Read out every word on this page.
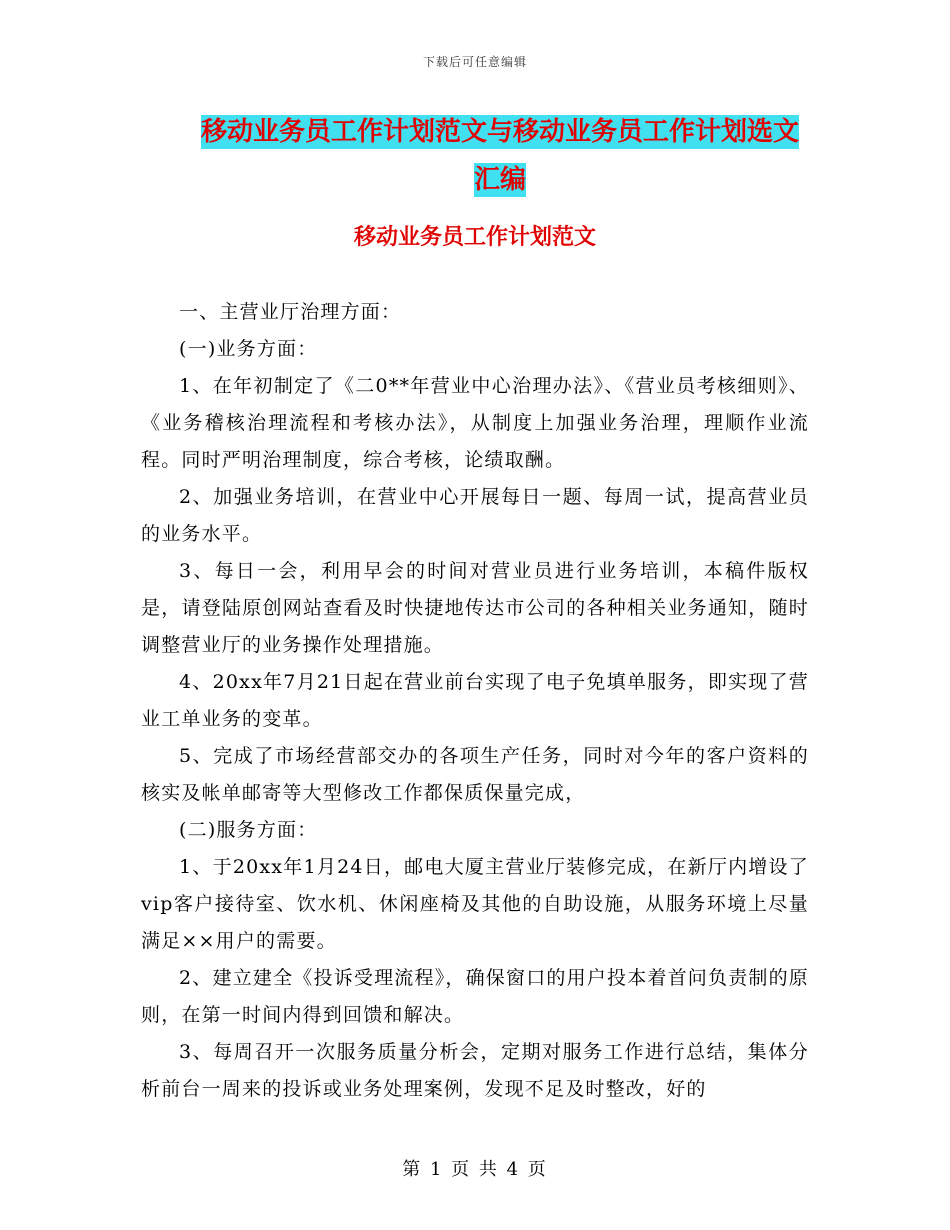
下载后可任意编辑
移动业务员工作计划范文与移动业务员工作计划选文
汇编
移动业务员工作计划范文

一、主营业厅治理方面：

(一)业务方面：

1、在年初制定了《二0**年营业中心治理办法》、《营业员考核细则》、《业务稽核治理流程和考核办法》，从制度上加强业务治理，理顺作业流程。同时严明治理制度，综合考核，论绩取酬。

2、加强业务培训，在营业中心开展每日一题、每周一试，提高营业员的业务水平。

3、每日一会，利用早会的时间对营业员进行业务培训，本稿件版权是，请登陆原创网站查看及时快捷地传达市公司的各种相关业务通知，随时调整营业厅的业务操作处理措施。

4、20xx年7月21日起在营业前台实现了电子免填单服务，即实现了营业工单业务的变革。

5、完成了市场经营部交办的各项生产任务，同时对今年的客户资料的核实及帐单邮寄等大型修改工作都保质保量完成，

(二)服务方面：

1、于20xx年1月24日，邮电大厦主营业厅装修完成，在新厅内增设了vip客户接待室、饮水机、休闲座椅及其他的自助设施，从服务环境上尽量满足××用户的需要。

2、建立建全《投诉受理流程》，确保窗口的用户投本着首问负责制的原则，在第一时间内得到回馈和解决。

3、每周召开一次服务质量分析会，定期对服务工作进行总结，集体分析前台一周来的投诉或业务处理案例，发现不足及时整改，好的

第 1 页 共 4 页
